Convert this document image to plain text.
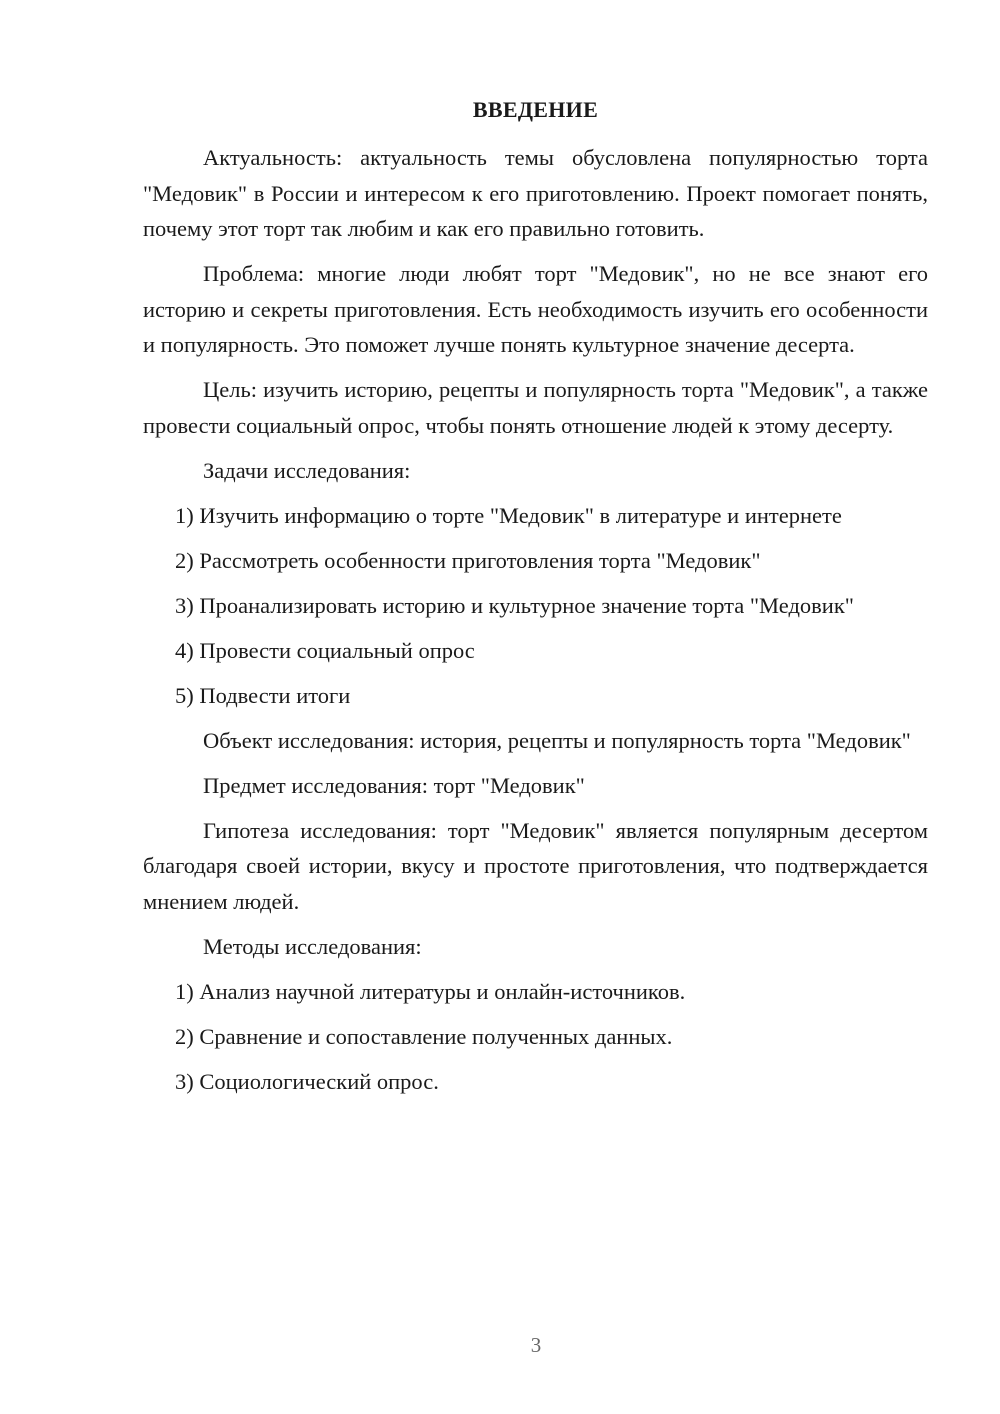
ВВЕДЕНИЕ

Актуальность: актуальность темы обусловлена популярностью торта "Медовик" в России и интересом к его приготовлению. Проект помогает понять, почему этот торт так любим и как его правильно готовить.

Проблема: многие люди любят торт "Медовик", но не все знают его историю и секреты приготовления. Есть необходимость изучить его особенности и популярность. Это поможет лучше понять культурное значение десерта.

Цель: изучить историю, рецепты и популярность торта "Медовик", а также провести социальный опрос, чтобы понять отношение людей к этому десерту.

Задачи исследования:

1) Изучить информацию о торте "Медовик" в литературе и интернете

2) Рассмотреть особенности приготовления торта "Медовик"

3) Проанализировать историю и культурное значение торта "Медовик"

4) Провести социальный опрос

5) Подвести итоги

Объект исследования: история, рецепты и популярность торта "Медовик"

Предмет исследования: торт "Медовик"

Гипотеза исследования: торт "Медовик" является популярным десертом благодаря своей истории, вкусу и простоте приготовления, что подтверждается мнением людей.

Методы исследования:

1) Анализ научной литературы и онлайн-источников.

2) Сравнение и сопоставление полученных данных.

3) Социологический опрос.

3
